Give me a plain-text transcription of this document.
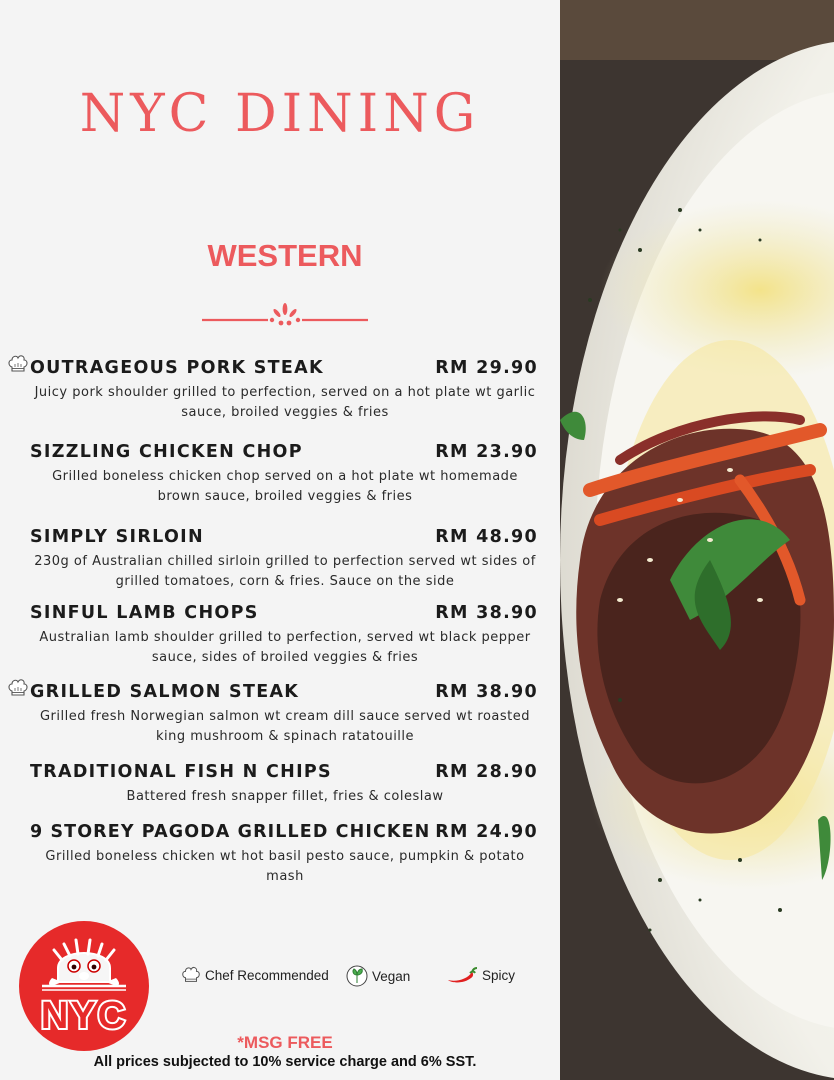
NYC DINING
WESTERN
OUTRAGEOUS PORK STEAK	RM 29.90

Juicy pork shoulder grilled to perfection, served on a hot plate wt garlic sauce, broiled veggies & fries

SIZZLING CHICKEN CHOP	RM 23.90

Grilled boneless chicken chop served on a hot plate wt homemade brown sauce, broiled veggies & fries

SIMPLY SIRLOIN	RM 48.90

230g of Australian chilled sirloin grilled to perfection served wt sides of grilled tomatoes, corn & fries. Sauce on the side

SINFUL LAMB CHOPS	RM 38.90

Australian lamb shoulder grilled to perfection, served wt black pepper sauce, sides of broiled veggies & fries

GRILLED SALMON STEAK	RM 38.90

Grilled fresh Norwegian salmon wt cream dill sauce served wt roasted king mushroom & spinach ratatouille

TRADITIONAL FISH N CHIPS	RM 28.90

Battered fresh snapper fillet, fries & coleslaw

9 STOREY PAGODA GRILLED CHICKEN RM 24.90

Grilled boneless chicken wt hot basil pesto sauce, pumpkin & potato mash

NYC
Chef Recommended	Vegan	Spicy
*MSG FREE
All prices subjected to 10% service charge and 6% SST.
